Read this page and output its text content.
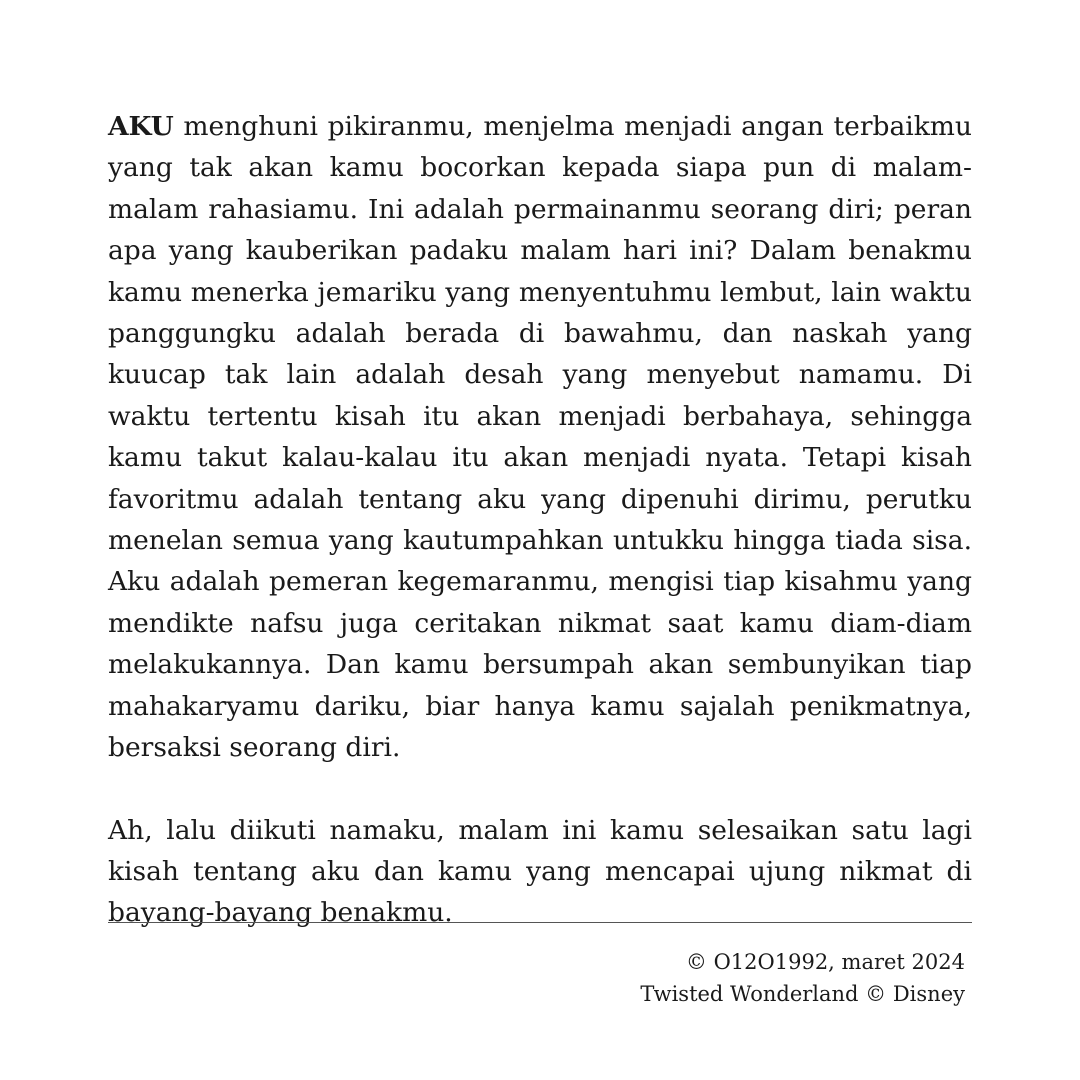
AKU menghuni pikiranmu, menjelma menjadi angan terbaikmu yang tak akan kamu bocorkan kepada siapa pun di malam-malam rahasiamu. Ini adalah permainanmu seorang diri; peran apa yang kauberikan padaku malam hari ini? Dalam benakmu kamu menerka jemariku yang menyentuhmu lembut, lain waktu panggungku adalah berada di bawahmu, dan naskah yang kuucap tak lain adalah desah yang menyebut namamu. Di waktu tertentu kisah itu akan menjadi berbahaya, sehingga kamu takut kalau-kalau itu akan menjadi nyata. Tetapi kisah favoritmu adalah tentang aku yang dipenuhi dirimu, perutku menelan semua yang kautumpahkan untukku hingga tiada sisa. Aku adalah pemeran kegemaranmu, mengisi tiap kisahmu yang mendikte nafsu juga ceritakan nikmat saat kamu diam-diam melakukannya. Dan kamu bersumpah akan sembunyikan tiap mahakaryamu dariku, biar hanya kamu sajalah penikmatnya, bersaksi seorang diri.

Ah, lalu diikuti namaku, malam ini kamu selesaikan satu lagi kisah tentang aku dan kamu yang mencapai ujung nikmat di bayang-bayang benakmu.

© O12O1992, maret 2024
Twisted Wonderland © Disney
